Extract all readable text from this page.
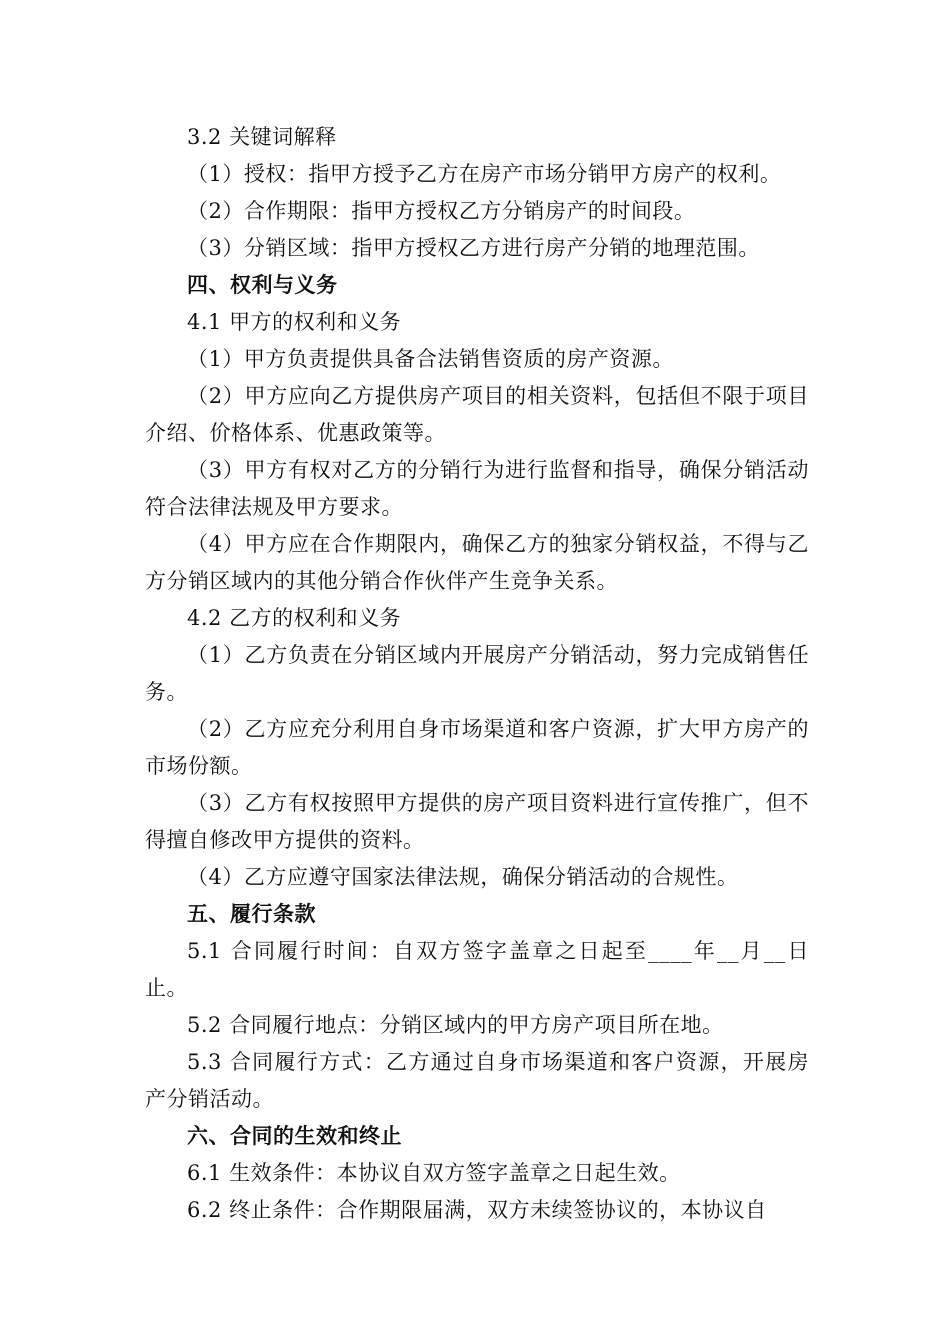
3.2 关键词解释

（1）授权：指甲方授予乙方在房产市场分销甲方房产的权利。

（2）合作期限：指甲方授权乙方分销房产的时间段。

（3）分销区域：指甲方授权乙方进行房产分销的地理范围。

四、权利与义务

4.1 甲方的权利和义务

（1）甲方负责提供具备合法销售资质的房产资源。

（2）甲方应向乙方提供房产项目的相关资料，包括但不限于项目介绍、价格体系、优惠政策等。

（3）甲方有权对乙方的分销行为进行监督和指导，确保分销活动符合法律法规及甲方要求。

（4）甲方应在合作期限内，确保乙方的独家分销权益，不得与乙方分销区域内的其他分销合作伙伴产生竞争关系。

4.2 乙方的权利和义务

（1）乙方负责在分销区域内开展房产分销活动，努力完成销售任务。

（2）乙方应充分利用自身市场渠道和客户资源，扩大甲方房产的市场份额。

（3）乙方有权按照甲方提供的房产项目资料进行宣传推广，但不得擅自修改甲方提供的资料。

（4）乙方应遵守国家法律法规，确保分销活动的合规性。

五、履行条款

5.1 合同履行时间：自双方签字盖章之日起至____年__月__日止。

5.2 合同履行地点：分销区域内的甲方房产项目所在地。

5.3 合同履行方式：乙方通过自身市场渠道和客户资源，开展房产分销活动。

六、合同的生效和终止

6.1 生效条件：本协议自双方签字盖章之日起生效。

6.2 终止条件：合作期限届满，双方未续签协议的，本协议自
